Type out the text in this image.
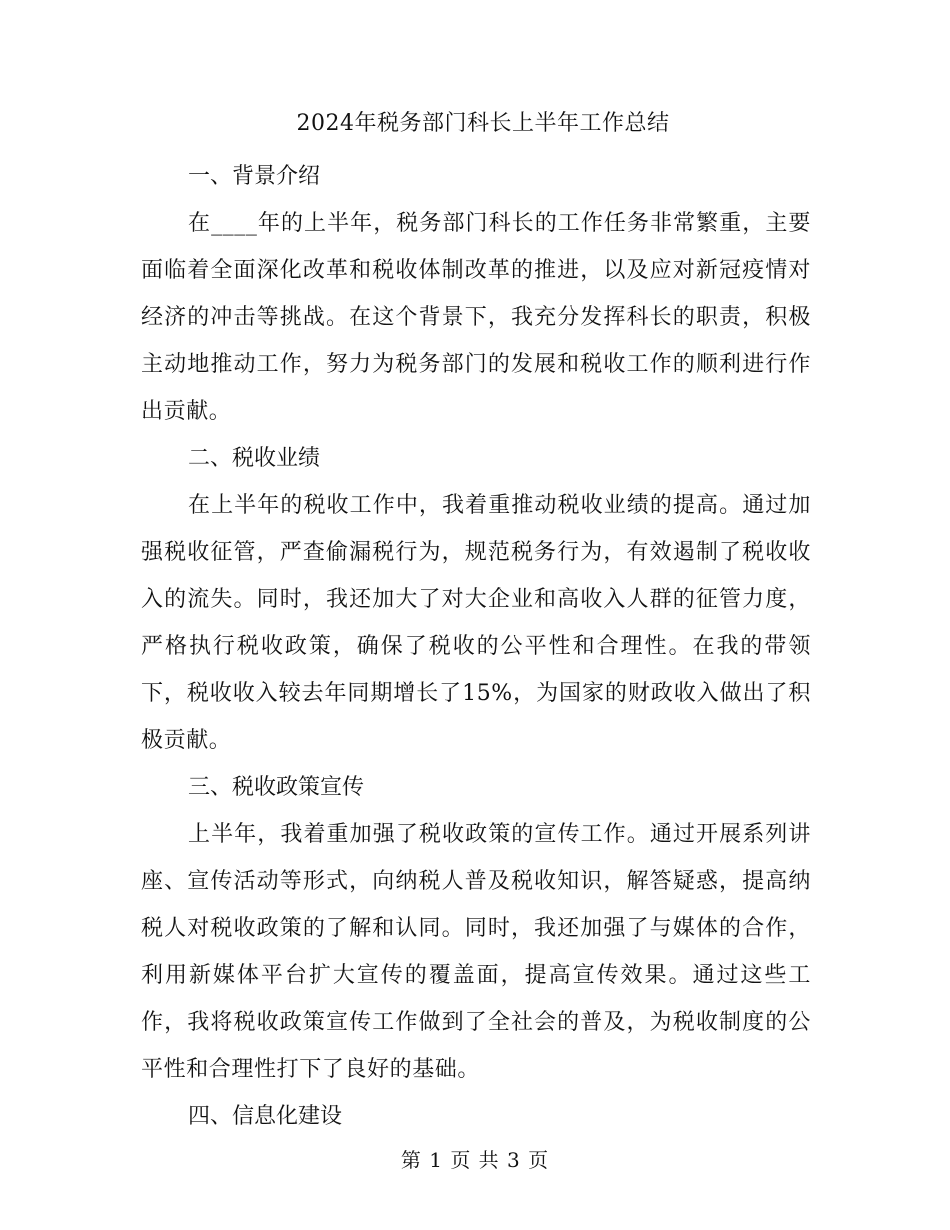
2024年税务部门科长上半年工作总结
一、背景介绍

在____年的上半年，税务部门科长的工作任务非常繁重，主要面临着全面深化改革和税收体制改革的推进，以及应对新冠疫情对经济的冲击等挑战。在这个背景下，我充分发挥科长的职责，积极主动地推动工作，努力为税务部门的发展和税收工作的顺利进行作出贡献。

二、税收业绩

在上半年的税收工作中，我着重推动税收业绩的提高。通过加强税收征管，严查偷漏税行为，规范税务行为，有效遏制了税收收入的流失。同时，我还加大了对大企业和高收入人群的征管力度，严格执行税收政策，确保了税收的公平性和合理性。在我的带领下，税收收入较去年同期增长了15%，为国家的财政收入做出了积极贡献。

三、税收政策宣传

上半年，我着重加强了税收政策的宣传工作。通过开展系列讲座、宣传活动等形式，向纳税人普及税收知识，解答疑惑，提高纳税人对税收政策的了解和认同。同时，我还加强了与媒体的合作，利用新媒体平台扩大宣传的覆盖面，提高宣传效果。通过这些工作，我将税收政策宣传工作做到了全社会的普及，为税收制度的公平性和合理性打下了良好的基础。

四、信息化建设
第 1 页 共 3 页
